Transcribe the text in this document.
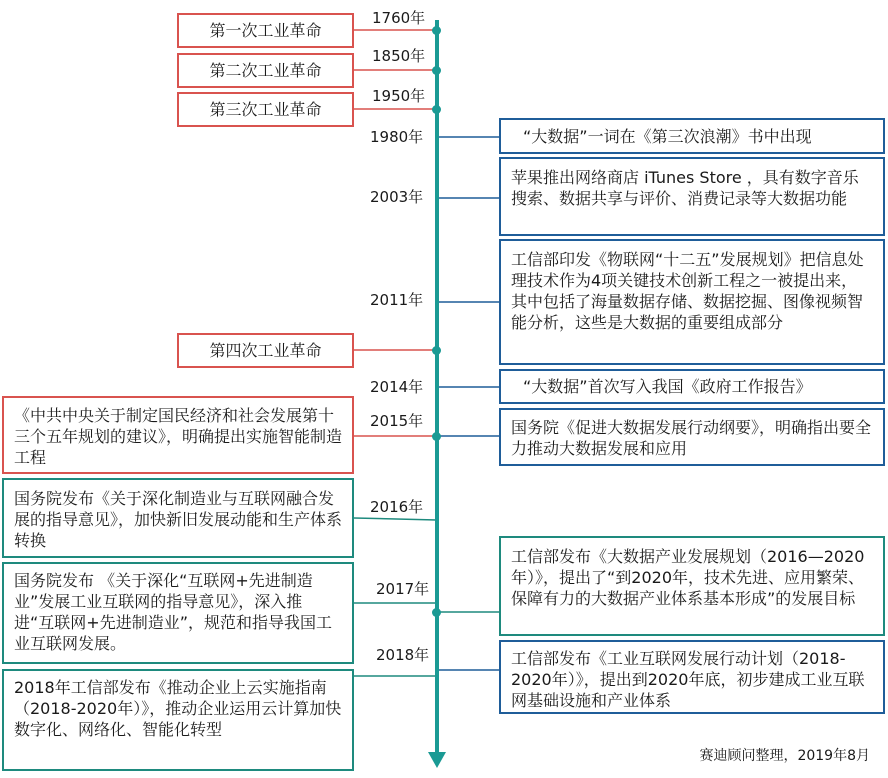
1760年
1850年
1950年
1980年
2003年
2011年
2014年
2015年
2016年
2017年
2018年
第一次工业革命
第二次工业革命
第三次工业革命
第四次工业革命
“大数据”一词在《第三次浪潮》书中出现
苹果推出网络商店 iTunes Store ，具有数字音乐搜索、数据共享与评价、消费记录等大数据功能
工信部印发《物联网“十二五”发展规划》把信息处理技术作为4项关键技术创新工程之一被提出来，其中包括了海量数据存储、数据挖掘、图像视频智能分析，这些是大数据的重要组成部分
“大数据”首次写入我国《政府工作报告》
国务院《促进大数据发展行动纲要》，明确指出要全力推动大数据发展和应用
工信部发布《大数据产业发展规划（2016—2020年）》，提出了“到2020年，技术先进、应用繁荣、保障有力的大数据产业体系基本形成”的发展目标
工信部发布《工业互联网发展行动计划（2018-2020年）》，提出到2020年底，初步建成工业互联网基础设施和产业体系
《中共中央关于制定国民经济和社会发展第十三个五年规划的建议》，明确提出实施智能制造工程
国务院发布《关于深化制造业与互联网融合发展的指导意见》，加快新旧发展动能和生产体系转换
国务院发布 《关于深化“互联网+先进制造业”发展工业互联网的指导意见》，深入推进“互联网+先进制造业”，规范和指导我国工业互联网发展。
2018年工信部发布《推动企业上云实施指南（2018-2020年）》，推动企业运用云计算加快数字化、网络化、智能化转型
赛迪顾问整理，2019年8月
